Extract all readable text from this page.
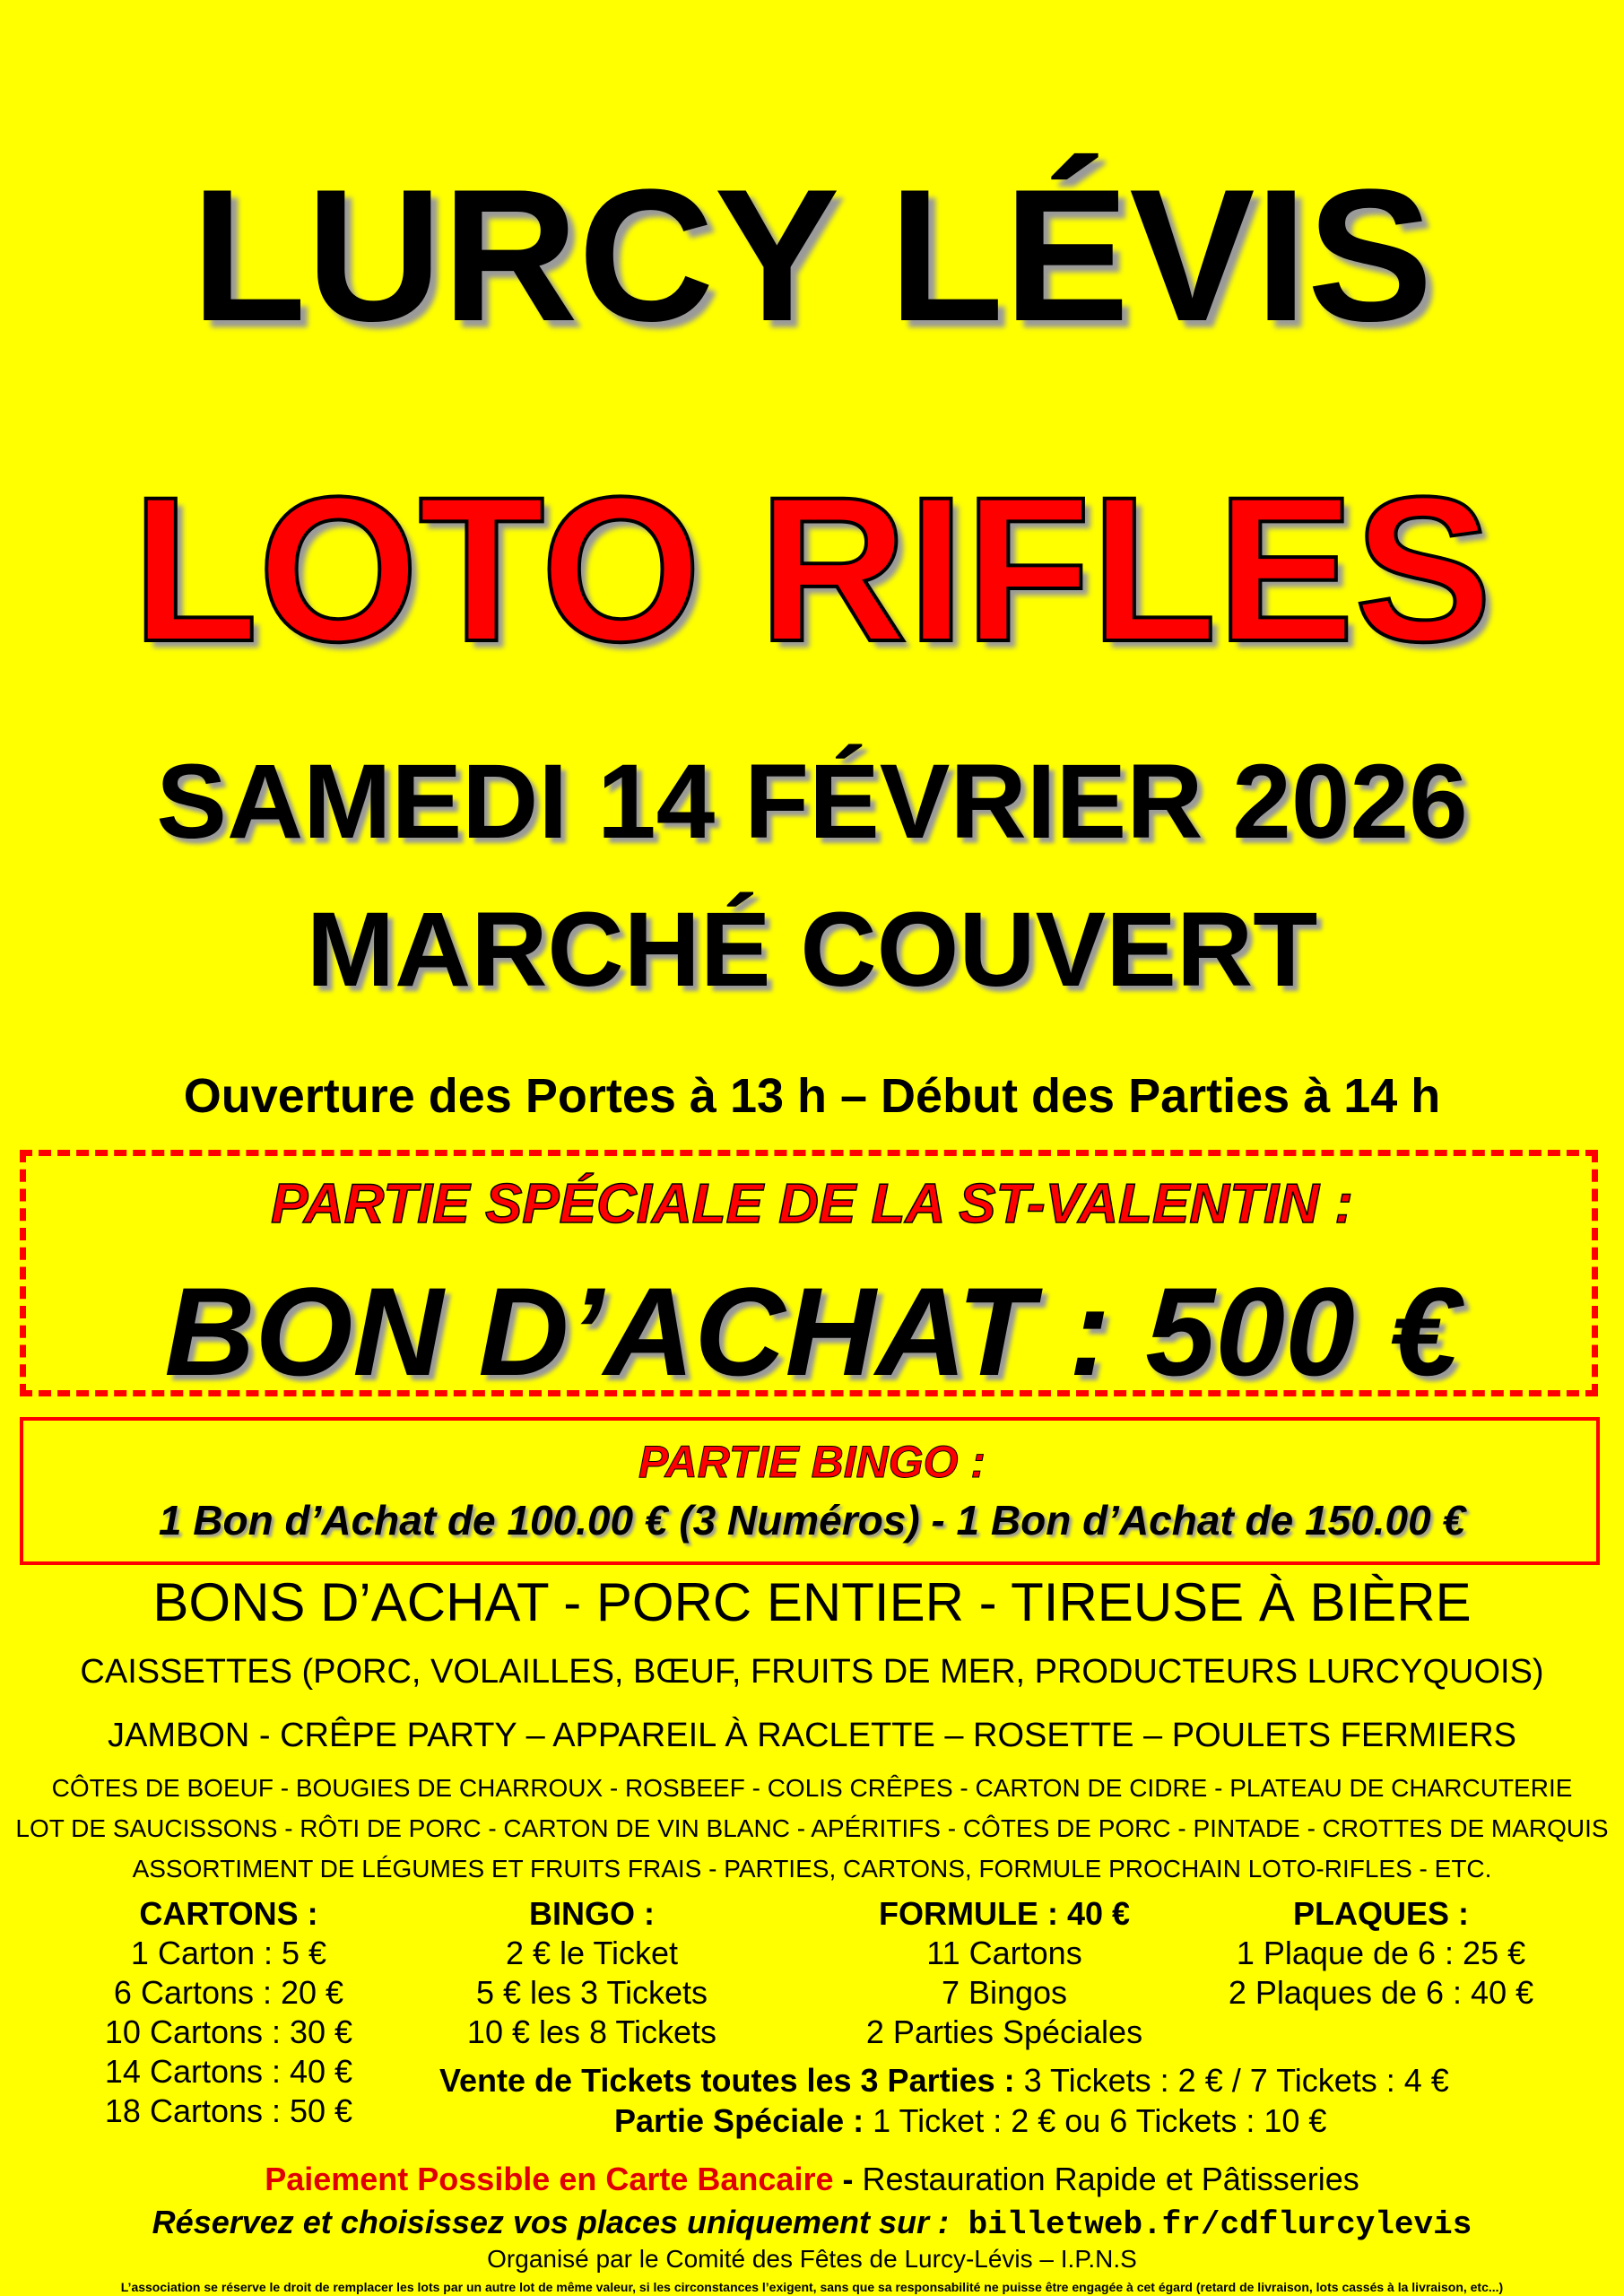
LURCY LÉVIS
LOTO RIFLES
SAMEDI 14 FÉVRIER 2026
MARCHÉ COUVERT
Ouverture des Portes à 13 h – Début des Parties à 14 h
PARTIE SPÉCIALE DE LA ST-VALENTIN :
BON D’ACHAT : 500 €
PARTIE BINGO :
1 Bon d’Achat de 100.00 € (3 Numéros) - 1 Bon d’Achat de 150.00 €
BONS D’ACHAT - PORC ENTIER - TIREUSE À BIÈRE
CAISSETTES (PORC, VOLAILLES, BŒUF, FRUITS DE MER, PRODUCTEURS LURCYQUOIS)
JAMBON - CRÊPE PARTY – APPAREIL À RACLETTE – ROSETTE – POULETS FERMIERS
CÔTES DE BOEUF - BOUGIES DE CHARROUX - ROSBEEF - COLIS CRÊPES - CARTON DE CIDRE - PLATEAU DE CHARCUTERIE
LOT DE SAUCISSONS - RÔTI DE PORC - CARTON DE VIN BLANC - APÉRITIFS - CÔTES DE PORC - PINTADE - CROTTES DE MARQUIS
ASSORTIMENT DE LÉGUMES ET FRUITS FRAIS - PARTIES, CARTONS, FORMULE PROCHAIN LOTO-RIFLES - ETC.
CARTONS :
1 Carton : 5 €
6 Cartons : 20 €
10 Cartons : 30 €
14 Cartons : 40 €
18 Cartons : 50 €
BINGO :
2 € le Ticket
5 € les 3 Tickets
10 € les 8 Tickets
FORMULE : 40 €
11 Cartons
7 Bingos
2 Parties Spéciales
PLAQUES :
1 Plaque de 6 : 25 €
2 Plaques de 6 : 40 €
Vente de Tickets toutes les 3 Parties : 3 Tickets : 2 € / 7 Tickets : 4 €
Partie Spéciale : 1 Ticket : 2 € ou 6 Tickets : 10 €
Paiement Possible en Carte Bancaire - Restauration Rapide et Pâtisseries
Réservez et choisissez vos places uniquement sur : billetweb.fr/cdflurcylevis
Organisé par le Comité des Fêtes de Lurcy-Lévis – I.P.N.S
L’association se réserve le droit de remplacer les lots par un autre lot de même valeur, si les circonstances l’exigent, sans que sa responsabilité ne puisse être engagée à cet égard (retard de livraison, lots cassés à la livraison, etc...)
